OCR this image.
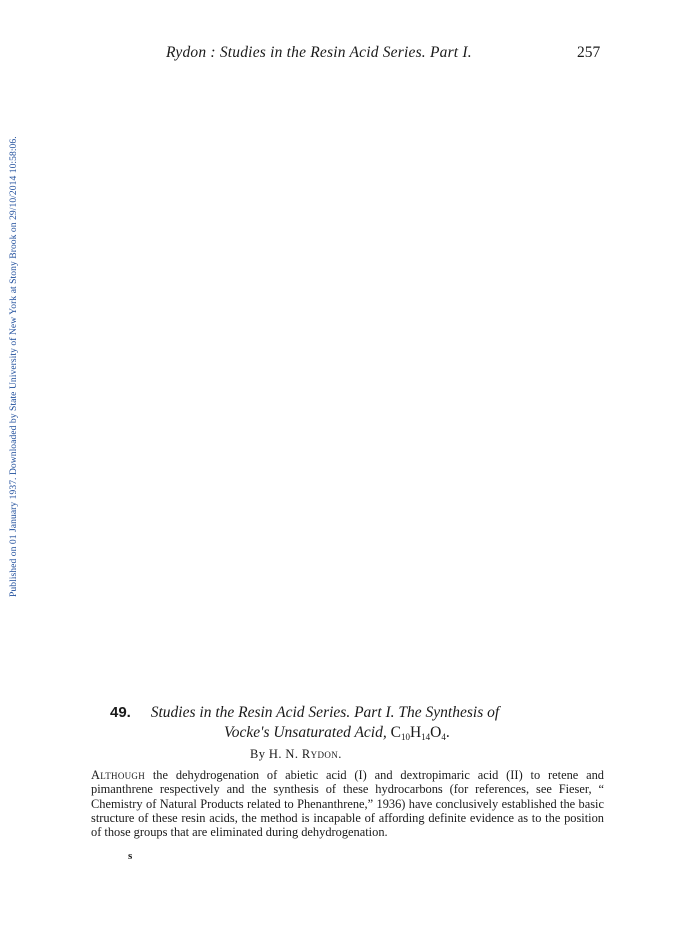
Rydon : Studies in the Resin Acid Series. Part I.	257
Published on 01 January 1937. Downloaded by State University of New York at Stony Brook on 29/10/2014 10:58:06.
49. Studies in the Resin Acid Series. Part I. The Synthesis of
Vocke's Unsaturated Acid, $C_{10}H_{14}O_4$.
By H. N. Rydon.
Although the dehydrogenation of abietic acid (I) and dextropimaric acid (II) to retene and pimanthrene respectively and the synthesis of these hydrocarbons (for references, see Fieser, “ Chemistry of Natural Products related to Phenanthrene,” 1936) have conclusively established the basic structure of these resin acids, the method is incapable of affording definite evidence as to the position of those groups that are eliminated during dehydrogenation.
s
